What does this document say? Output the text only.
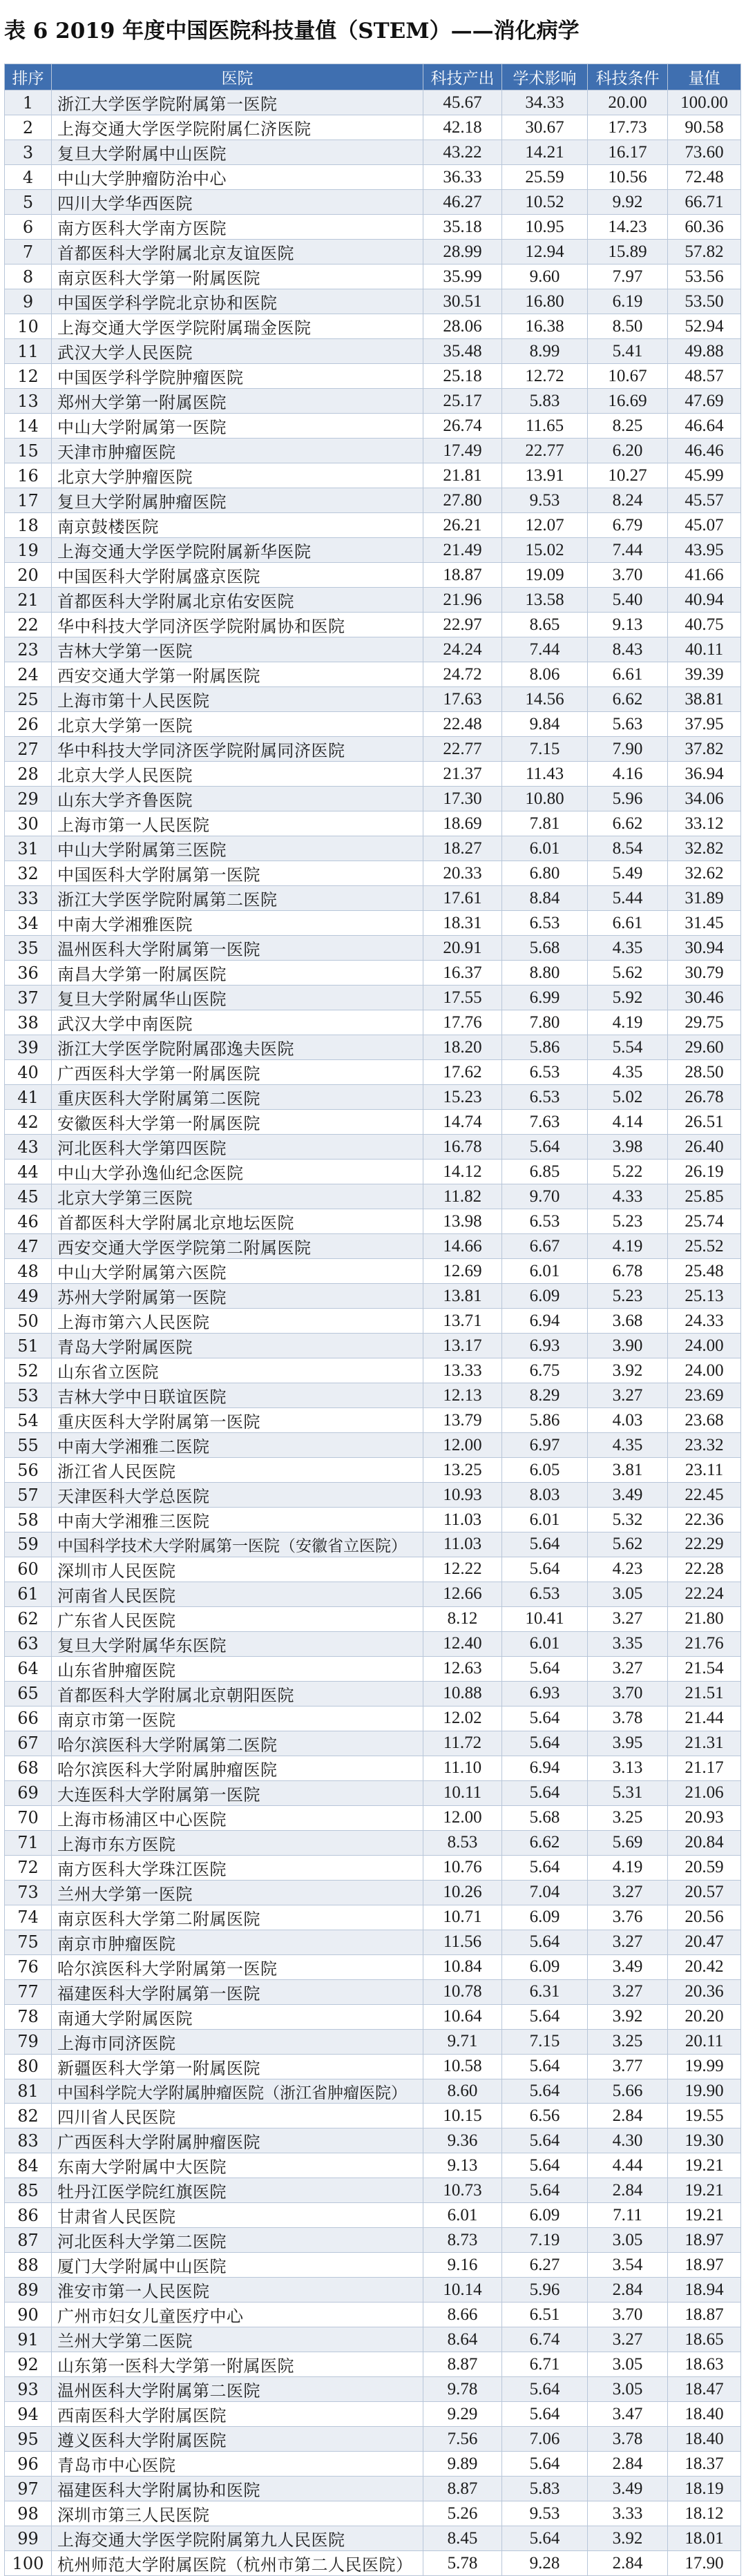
表 6 2019 年度中国医院科技量值（STEM）——消化病学
排序	医院	科技产出	学术影响	科技条件	量值
1	浙江大学医学院附属第一医院	45.67	34.33	20.00	100.00
2	上海交通大学医学院附属仁济医院	42.18	30.67	17.73	90.58
3	复旦大学附属中山医院	43.22	14.21	16.17	73.60
4	中山大学肿瘤防治中心	36.33	25.59	10.56	72.48
5	四川大学华西医院	46.27	10.52	9.92	66.71
6	南方医科大学南方医院	35.18	10.95	14.23	60.36
7	首都医科大学附属北京友谊医院	28.99	12.94	15.89	57.82
8	南京医科大学第一附属医院	35.99	9.60	7.97	53.56
9	中国医学科学院北京协和医院	30.51	16.80	6.19	53.50
10	上海交通大学医学院附属瑞金医院	28.06	16.38	8.50	52.94
11	武汉大学人民医院	35.48	8.99	5.41	49.88
12	中国医学科学院肿瘤医院	25.18	12.72	10.67	48.57
13	郑州大学第一附属医院	25.17	5.83	16.69	47.69
14	中山大学附属第一医院	26.74	11.65	8.25	46.64
15	天津市肿瘤医院	17.49	22.77	6.20	46.46
16	北京大学肿瘤医院	21.81	13.91	10.27	45.99
17	复旦大学附属肿瘤医院	27.80	9.53	8.24	45.57
18	南京鼓楼医院	26.21	12.07	6.79	45.07
19	上海交通大学医学院附属新华医院	21.49	15.02	7.44	43.95
20	中国医科大学附属盛京医院	18.87	19.09	3.70	41.66
21	首都医科大学附属北京佑安医院	21.96	13.58	5.40	40.94
22	华中科技大学同济医学院附属协和医院	22.97	8.65	9.13	40.75
23	吉林大学第一医院	24.24	7.44	8.43	40.11
24	西安交通大学第一附属医院	24.72	8.06	6.61	39.39
25	上海市第十人民医院	17.63	14.56	6.62	38.81
26	北京大学第一医院	22.48	9.84	5.63	37.95
27	华中科技大学同济医学院附属同济医院	22.77	7.15	7.90	37.82
28	北京大学人民医院	21.37	11.43	4.16	36.94
29	山东大学齐鲁医院	17.30	10.80	5.96	34.06
30	上海市第一人民医院	18.69	7.81	6.62	33.12
31	中山大学附属第三医院	18.27	6.01	8.54	32.82
32	中国医科大学附属第一医院	20.33	6.80	5.49	32.62
33	浙江大学医学院附属第二医院	17.61	8.84	5.44	31.89
34	中南大学湘雅医院	18.31	6.53	6.61	31.45
35	温州医科大学附属第一医院	20.91	5.68	4.35	30.94
36	南昌大学第一附属医院	16.37	8.80	5.62	30.79
37	复旦大学附属华山医院	17.55	6.99	5.92	30.46
38	武汉大学中南医院	17.76	7.80	4.19	29.75
39	浙江大学医学院附属邵逸夫医院	18.20	5.86	5.54	29.60
40	广西医科大学第一附属医院	17.62	6.53	4.35	28.50
41	重庆医科大学附属第二医院	15.23	6.53	5.02	26.78
42	安徽医科大学第一附属医院	14.74	7.63	4.14	26.51
43	河北医科大学第四医院	16.78	5.64	3.98	26.40
44	中山大学孙逸仙纪念医院	14.12	6.85	5.22	26.19
45	北京大学第三医院	11.82	9.70	4.33	25.85
46	首都医科大学附属北京地坛医院	13.98	6.53	5.23	25.74
47	西安交通大学医学院第二附属医院	14.66	6.67	4.19	25.52
48	中山大学附属第六医院	12.69	6.01	6.78	25.48
49	苏州大学附属第一医院	13.81	6.09	5.23	25.13
50	上海市第六人民医院	13.71	6.94	3.68	24.33
51	青岛大学附属医院	13.17	6.93	3.90	24.00
52	山东省立医院	13.33	6.75	3.92	24.00
53	吉林大学中日联谊医院	12.13	8.29	3.27	23.69
54	重庆医科大学附属第一医院	13.79	5.86	4.03	23.68
55	中南大学湘雅二医院	12.00	6.97	4.35	23.32
56	浙江省人民医院	13.25	6.05	3.81	23.11
57	天津医科大学总医院	10.93	8.03	3.49	22.45
58	中南大学湘雅三医院	11.03	6.01	5.32	22.36
59	中国科学技术大学附属第一医院（安徽省立医院）	11.03	5.64	5.62	22.29
60	深圳市人民医院	12.22	5.64	4.23	22.28
61	河南省人民医院	12.66	6.53	3.05	22.24
62	广东省人民医院	8.12	10.41	3.27	21.80
63	复旦大学附属华东医院	12.40	6.01	3.35	21.76
64	山东省肿瘤医院	12.63	5.64	3.27	21.54
65	首都医科大学附属北京朝阳医院	10.88	6.93	3.70	21.51
66	南京市第一医院	12.02	5.64	3.78	21.44
67	哈尔滨医科大学附属第二医院	11.72	5.64	3.95	21.31
68	哈尔滨医科大学附属肿瘤医院	11.10	6.94	3.13	21.17
69	大连医科大学附属第一医院	10.11	5.64	5.31	21.06
70	上海市杨浦区中心医院	12.00	5.68	3.25	20.93
71	上海市东方医院	8.53	6.62	5.69	20.84
72	南方医科大学珠江医院	10.76	5.64	4.19	20.59
73	兰州大学第一医院	10.26	7.04	3.27	20.57
74	南京医科大学第二附属医院	10.71	6.09	3.76	20.56
75	南京市肿瘤医院	11.56	5.64	3.27	20.47
76	哈尔滨医科大学附属第一医院	10.84	6.09	3.49	20.42
77	福建医科大学附属第一医院	10.78	6.31	3.27	20.36
78	南通大学附属医院	10.64	5.64	3.92	20.20
79	上海市同济医院	9.71	7.15	3.25	20.11
80	新疆医科大学第一附属医院	10.58	5.64	3.77	19.99
81	中国科学院大学附属肿瘤医院（浙江省肿瘤医院）	8.60	5.64	5.66	19.90
82	四川省人民医院	10.15	6.56	2.84	19.55
83	广西医科大学附属肿瘤医院	9.36	5.64	4.30	19.30
84	东南大学附属中大医院	9.13	5.64	4.44	19.21
85	牡丹江医学院红旗医院	10.73	5.64	2.84	19.21
86	甘肃省人民医院	6.01	6.09	7.11	19.21
87	河北医科大学第二医院	8.73	7.19	3.05	18.97
88	厦门大学附属中山医院	9.16	6.27	3.54	18.97
89	淮安市第一人民医院	10.14	5.96	2.84	18.94
90	广州市妇女儿童医疗中心	8.66	6.51	3.70	18.87
91	兰州大学第二医院	8.64	6.74	3.27	18.65
92	山东第一医科大学第一附属医院	8.87	6.71	3.05	18.63
93	温州医科大学附属第二医院	9.78	5.64	3.05	18.47
94	西南医科大学附属医院	9.29	5.64	3.47	18.40
95	遵义医科大学附属医院	7.56	7.06	3.78	18.40
96	青岛市中心医院	9.89	5.64	2.84	18.37
97	福建医科大学附属协和医院	8.87	5.83	3.49	18.19
98	深圳市第三人民医院	5.26	9.53	3.33	18.12
99	上海交通大学医学院附属第九人民医院	8.45	5.64	3.92	18.01
100	杭州师范大学附属医院（杭州市第二人民医院）	5.78	9.28	2.84	17.90
